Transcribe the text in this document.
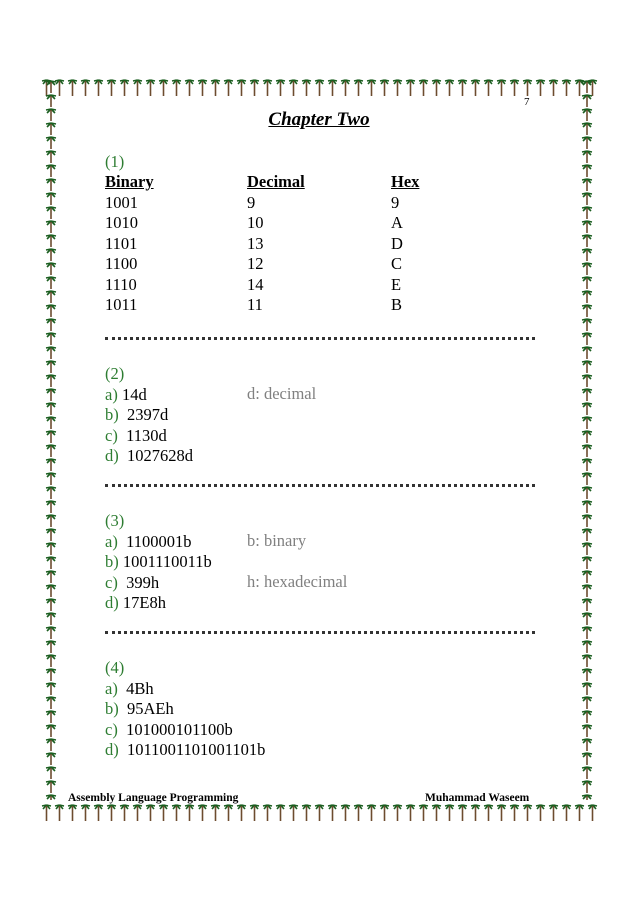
7
Chapter Two
(1)
Binary	Decimal	Hex
1001	9	9
1010	10	A
1101	13	D
1100	12	C
1110	14	E
1011	11	B
(2)
a) 14d
b) 2397d
c) 1130d
d) 1027628d
d: decimal
(3)
a) 1100001b
b) 1001110011b
c) 399h
d) 17E8h
b: binary
h: hexadecimal
(4)
a) 4Bh
b) 95AEh
c) 101000101100b
d) 1011001101001101b
Assembly Language Programming	Muhammad Waseem
